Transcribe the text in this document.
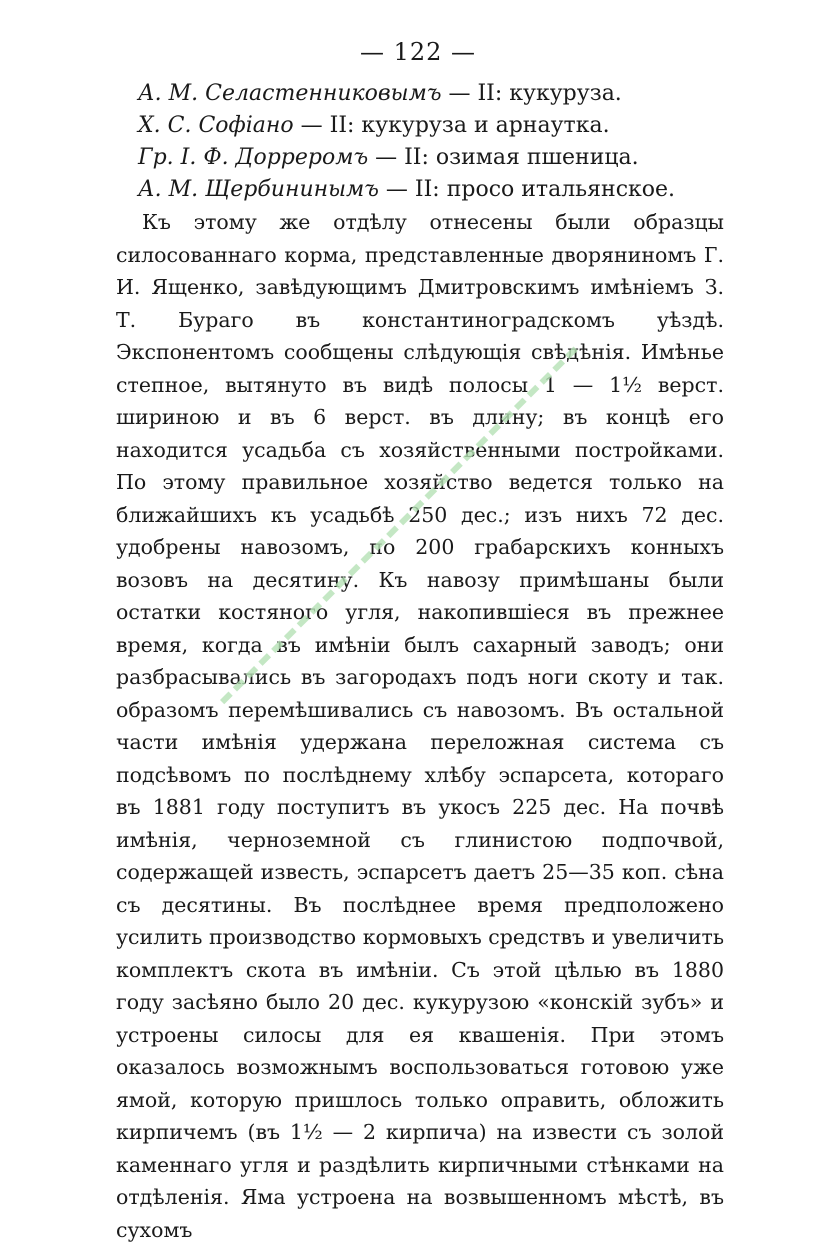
— 122 —
А. М. Селастенниковымъ — II: кукуруза.
Х. С. Софіано — II: кукуруза и арнаутка.
Гр. І. Ф. Доррeромъ — II: озимая пшеница.
А. М. Щербининымъ — II: просо итальянское.
Къ этому же отдѣлу отнесены были образцы силосованнаго корма, представленные дворяниномъ Г. И. Ященко, завѣдующимъ Дмитровскимъ имѣніемъ З. Т. Бураго въ константиноградскомъ уѣздѣ. Экспонентомъ сообщены слѣдующія свѣдѣнія. Имѣнье степное, вытянуто въ видѣ полосы 1 — 1½ верст. шириною и въ 6 верст. въ длину; въ концѣ его находится усадьба съ хозяйственными постройками. По этому правильное хозяйство ведется только на ближайшихъ къ усадьбѣ 250 дес.; изъ нихъ 72 дес. удобрены навозомъ, по 200 грабарскихъ конныхъ возовъ на десятину. Къ навозу примѣшаны были остатки костяного угля, накопившіеся въ прежнее время, когда въ имѣніи былъ сахарный заводъ; они разбрасывались въ загородахъ подъ ноги скоту и так. образомъ перемѣшивались съ навозомъ. Въ остальной части имѣнія удержана переложная система съ подсѣвомъ по послѣднему хлѣбу эспарсета, котораго въ 1881 году поступитъ въ укосъ 225 дес. На почвѣ имѣнія, черноземной съ глинистою подпочвой, содержащей известь, эспарсетъ даетъ 25—35 коп. сѣна съ десятины. Въ послѣднее время предположено усилить производство кормовыхъ средствъ и увеличить комплектъ скота въ имѣніи. Съ этой цѣлью въ 1880 году засѣяно было 20 дес. кукурузою «конскій зубъ» и устроены силосы для ея квашенія. При этомъ оказалось возможнымъ воспользоваться готовою уже ямой, которую пришлось только оправить, обложить кирпичемъ (въ 1½ — 2 кирпича) на извести съ золой каменнаго угля и раздѣлить кирпичными стѣнками на отдѣленія. Яма устроена на возвышенномъ мѣстѣ, въ сухомъ
